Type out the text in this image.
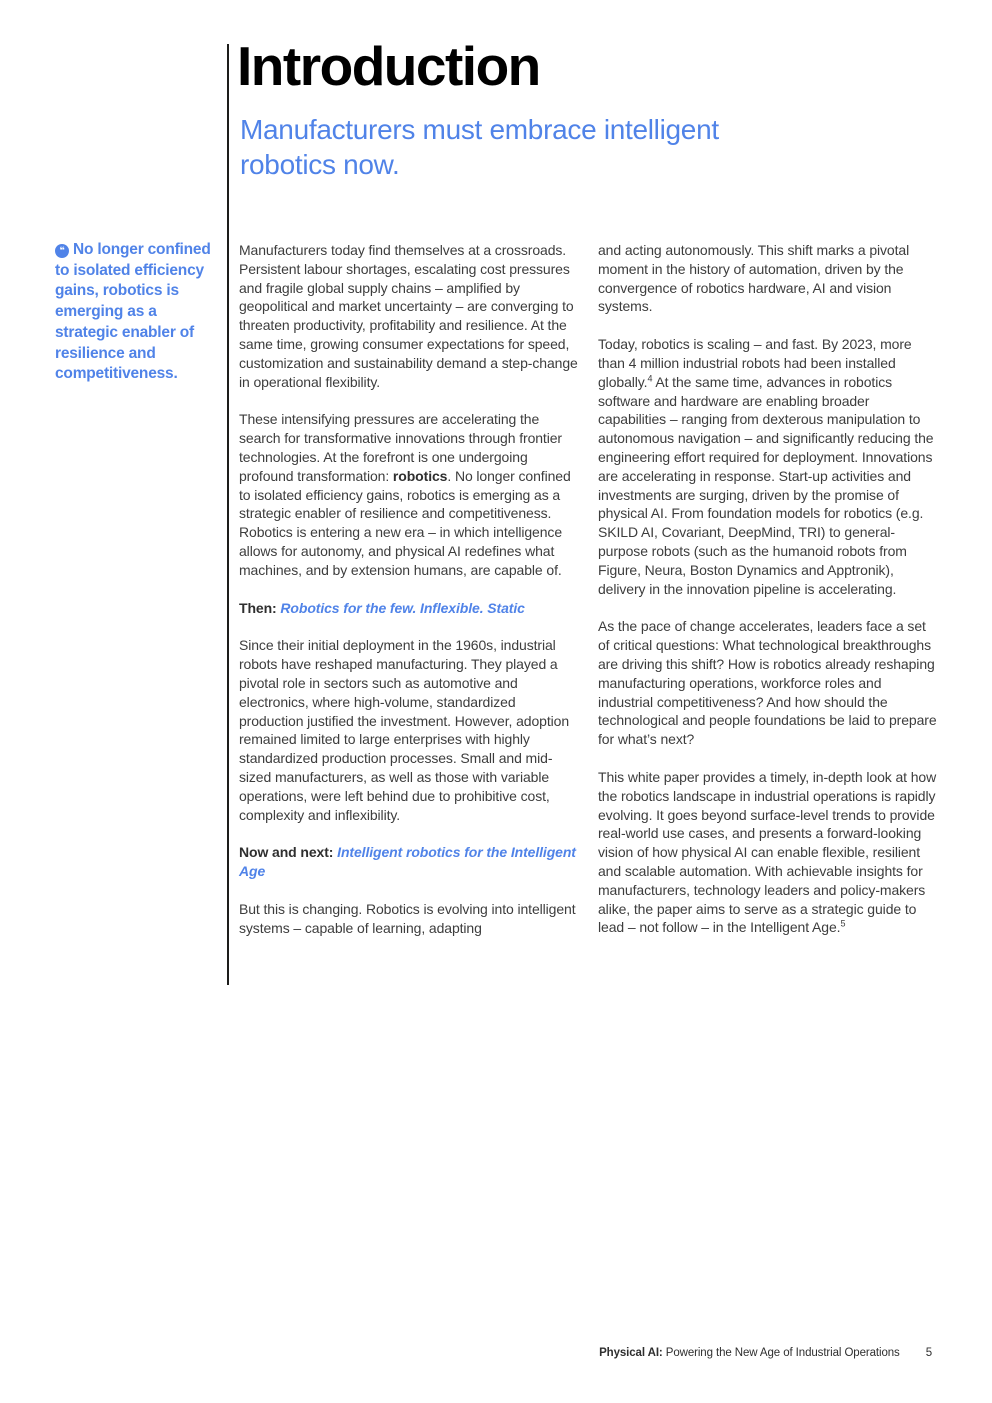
Introduction
Manufacturers must embrace intelligent robotics now.
❝ No longer confined to isolated efficiency gains, robotics is emerging as a strategic enabler of resilience and competitiveness.

Manufacturers today find themselves at a crossroads. Persistent labour shortages, escalating cost pressures and fragile global supply chains – amplified by geopolitical and market uncertainty – are converging to threaten productivity, profitability and resilience. At the same time, growing consumer expectations for speed, customization and sustainability demand a step-change in operational flexibility.

These intensifying pressures are accelerating the search for transformative innovations through frontier technologies. At the forefront is one undergoing profound transformation: robotics. No longer confined to isolated efficiency gains, robotics is emerging as a strategic enabler of resilience and competitiveness. Robotics is entering a new era – in which intelligence allows for autonomy, and physical AI redefines what machines, and by extension humans, are capable of.

Then: Robotics for the few. Inflexible. Static

Since their initial deployment in the 1960s, industrial robots have reshaped manufacturing. They played a pivotal role in sectors such as automotive and electronics, where high-volume, standardized production justified the investment. However, adoption remained limited to large enterprises with highly standardized production processes. Small and mid-sized manufacturers, as well as those with variable operations, were left behind due to prohibitive cost, complexity and inflexibility.

Now and next: Intelligent robotics for the Intelligent Age

But this is changing. Robotics is evolving into intelligent systems – capable of learning, adapting

and acting autonomously. This shift marks a pivotal moment in the history of automation, driven by the convergence of robotics hardware, AI and vision systems.

Today, robotics is scaling – and fast. By 2023, more than 4 million industrial robots had been installed globally.$^4$ At the same time, advances in robotics software and hardware are enabling broader capabilities – ranging from dexterous manipulation to autonomous navigation – and significantly reducing the engineering effort required for deployment. Innovations are accelerating in response. Start-up activities and investments are surging, driven by the promise of physical AI. From foundation models for robotics (e.g. SKILD AI, Covariant, DeepMind, TRI) to general-purpose robots (such as the humanoid robots from Figure, Neura, Boston Dynamics and Apptronik), delivery in the innovation pipeline is accelerating.

As the pace of change accelerates, leaders face a set of critical questions: What technological breakthroughs are driving this shift? How is robotics already reshaping manufacturing operations, workforce roles and industrial competitiveness? And how should the technological and people foundations be laid to prepare for what’s next?

This white paper provides a timely, in-depth look at how the robotics landscape in industrial operations is rapidly evolving. It goes beyond surface-level trends to provide real-world use cases, and presents a forward-looking vision of how physical AI can enable flexible, resilient and scalable automation. With achievable insights for manufacturers, technology leaders and policy-makers alike, the paper aims to serve as a strategic guide to lead – not follow – in the Intelligent Age.$^5$

Physical AI: Powering the New Age of Industrial Operations 5
